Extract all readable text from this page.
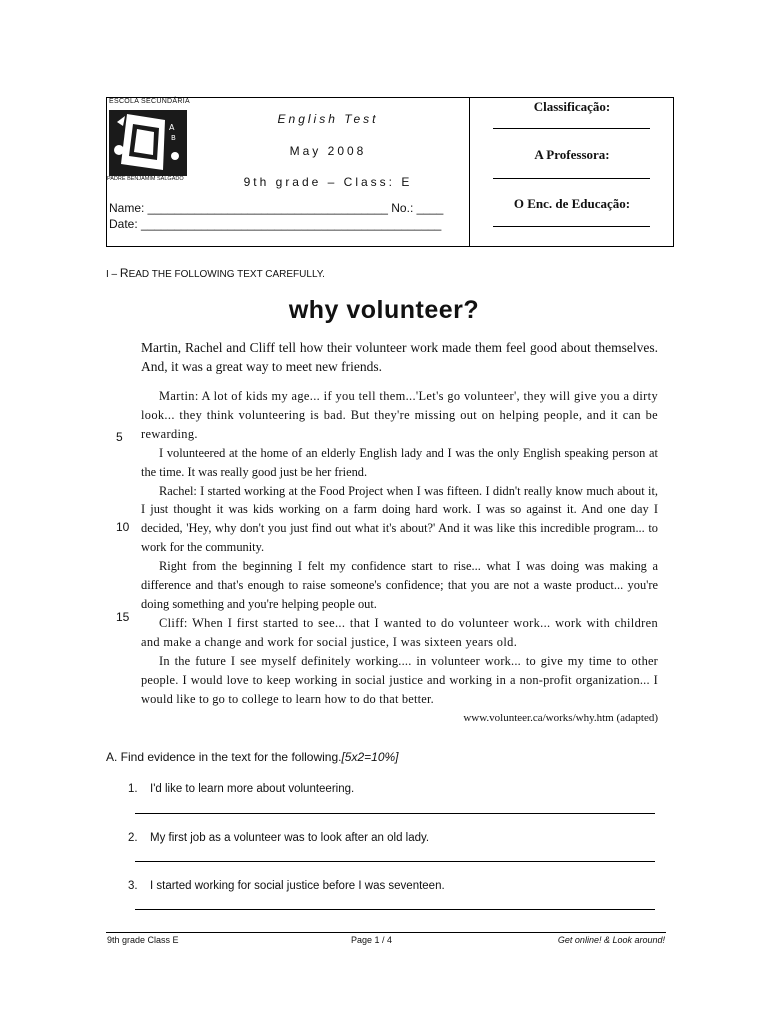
ESCOLA SECUNDÁRIA
A
B
PADRE BENJAMIM SALGADO
English Test
May 2008
9th grade – Class: E
Name: ____________________________________ No.: ____
Date: _____________________________________________
Classificação:
A Professora:
O Enc. de Educação:
I – READ THE FOLLOWING TEXT CAREFULLY.
why volunteer?
Martin, Rachel and Cliff tell how their volunteer work made them feel good about themselves. And, it was a great way to meet new friends.

Martin: A lot of kids my age... if you tell them...'Let's go volunteer', they will give you a dirty look... they think volunteering is bad. But they're missing out on helping people, and it can be rewarding.

I volunteered at the home of an elderly English lady and I was the only English speaking person at the time. It was really good just be her friend.

Rachel: I started working at the Food Project when I was fifteen. I didn't really know much about it, I just thought it was kids working on a farm doing hard work. I was so against it. And one day I decided, 'Hey, why don't you just find out what it's about?' And it was like this incredible program... to work for the community.

Right from the beginning I felt my confidence start to rise... what I was doing was making a difference and that's enough to raise someone's confidence; that you are not a waste product... you're doing something and you're helping people out.

Cliff: When I first started to see... that I wanted to do volunteer work... work with children and make a change and work for social justice, I was sixteen years old.

In the future I see myself definitely working.... in volunteer work... to give my time to other people. I would love to keep working in social justice and working in a non-profit organization... I would like to go to college to learn how to do that better.

5
10
15
www.volunteer.ca/works/why.htm (adapted)
A. Find evidence in the text for the following.[5x2=10%]
1. I'd like to learn more about volunteering.
2. My first job as a volunteer was to look after an old lady.
3. I started working for social justice before I was seventeen.
9th grade Class E	Page 1 / 4	Get online! & Look around!
